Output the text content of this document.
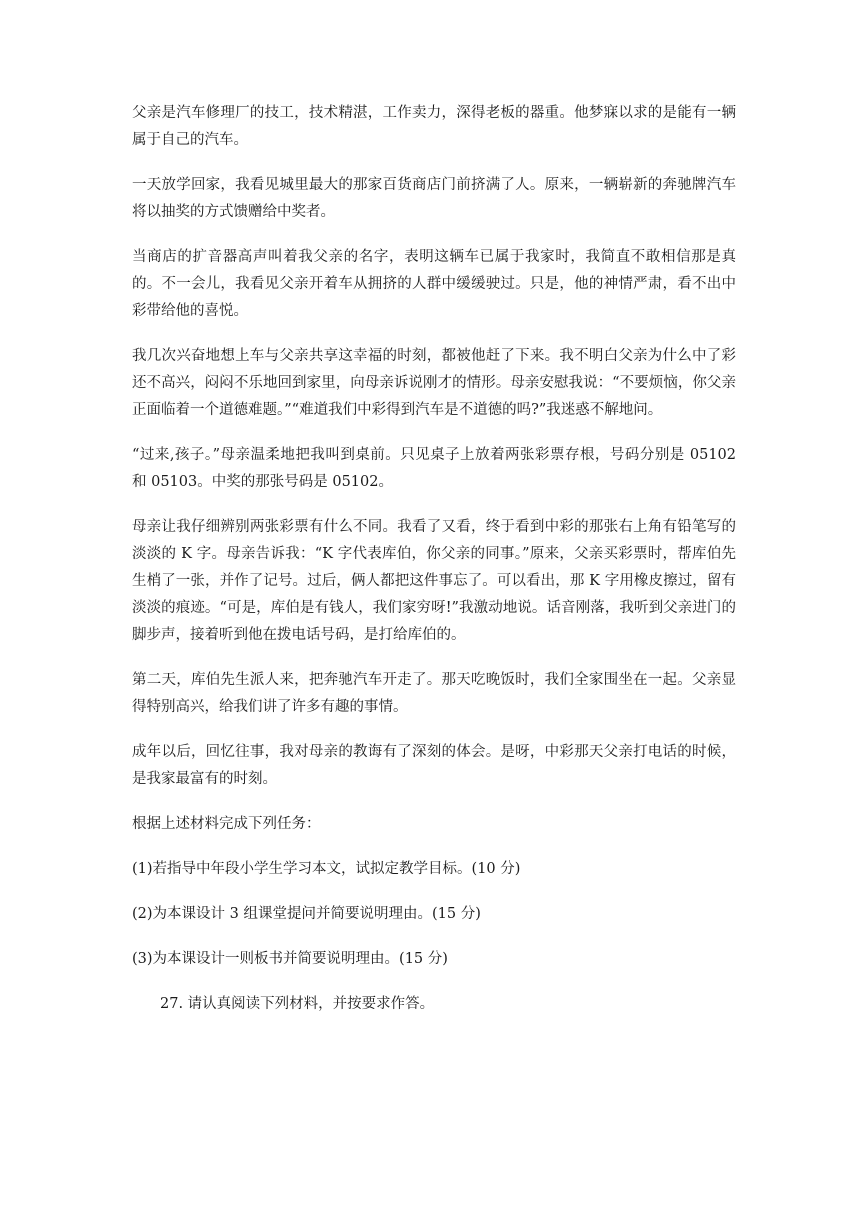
父亲是汽车修理厂的技工，技术精湛，工作卖力，深得老板的器重。他梦寐以求的是能有一辆属于自己的汽车。

一天放学回家，我看见城里最大的那家百货商店门前挤满了人。原来，一辆崭新的奔驰牌汽车将以抽奖的方式馈赠给中奖者。

当商店的扩音器高声叫着我父亲的名字，表明这辆车已属于我家时，我简直不敢相信那是真的。不一会儿，我看见父亲开着车从拥挤的人群中缓缓驶过。只是，他的神情严肃，看不出中彩带给他的喜悦。

我几次兴奋地想上车与父亲共享这幸福的时刻，都被他赶了下来。我不明白父亲为什么中了彩还不高兴，闷闷不乐地回到家里，向母亲诉说刚才的情形。母亲安慰我说：“不要烦恼，你父亲正面临着一个道德难题。”“难道我们中彩得到汽车是不道德的吗?”我迷惑不解地问。

“过来,孩子。”母亲温柔地把我叫到桌前。只见桌子上放着两张彩票存根，号码分别是 05102 和 05103。中奖的那张号码是 05102。

母亲让我仔细辨别两张彩票有什么不同。我看了又看，终于看到中彩的那张右上角有铅笔写的淡淡的 K 字。母亲告诉我：“K 字代表库伯，你父亲的同事。”原来，父亲买彩票时，帮库伯先生梢了一张，并作了记号。过后，俩人都把这件事忘了。可以看出，那 K 字用橡皮擦过，留有淡淡的痕迹。“可是，库伯是有钱人，我们家穷呀!”我激动地说。话音刚落，我听到父亲进门的脚步声，接着听到他在拨电话号码，是打给库伯的。

第二天，库伯先生派人来，把奔驰汽车开走了。那天吃晚饭时，我们全家围坐在一起。父亲显得特别高兴，给我们讲了许多有趣的事情。

成年以后，回忆往事，我对母亲的教诲有了深刻的体会。是呀，中彩那天父亲打电话的时候，是我家最富有的时刻。

根据上述材料完成下列任务：

(1)若指导中年段小学生学习本文，试拟定教学目标。(10 分)

(2)为本课设计 3 组课堂提问并简要说明理由。(15 分)

(3)为本课设计一则板书并简要说明理由。(15 分)

27. 请认真阅读下列材料，并按要求作答。
